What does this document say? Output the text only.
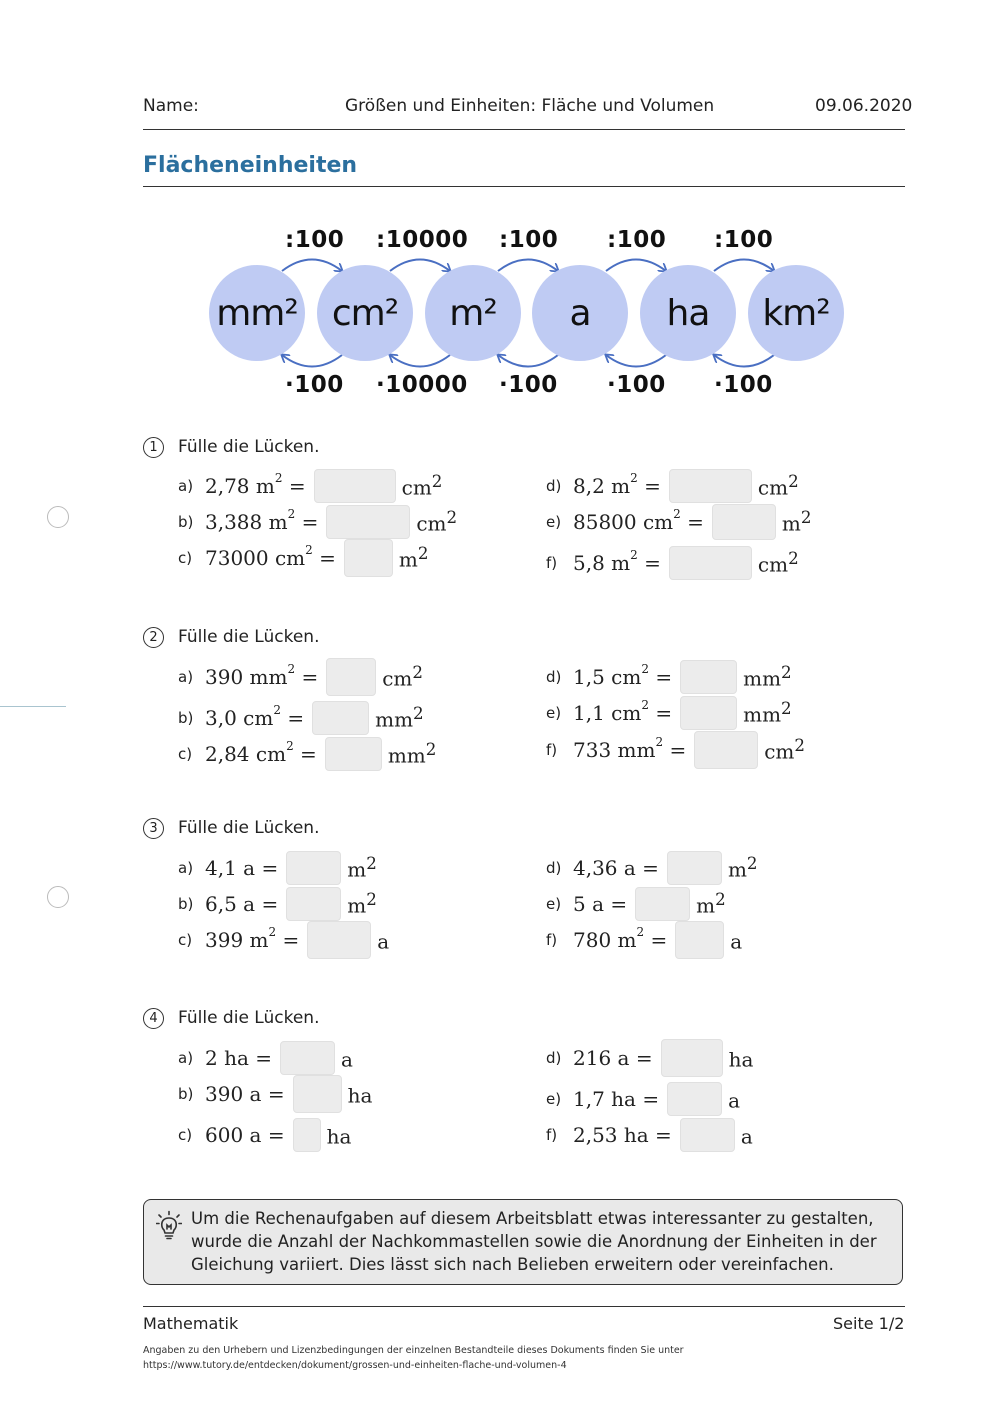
Name:	Größen und Einheiten: Fläche und Volumen	09.06.2020
Flächeneinheiten
mm² cm²	m²	a	ha	km²
:100 :10000 :100 :100 :100
·100 ·10000 ·100 ·100 ·100
1	Fülle die Lücken.
a) 2,78 $m^2$ =	$cm^2$
b) 3,388 $m^2$ =	$cm^2$
c) 73000 $cm^2$ =	$m^2$
d) 8,2 $m^2$ =	$cm^2$
e) 85800 $cm^2$ =	$m^2$
f) 5,8 $m^2$ =	$cm^2$
2	Fülle die Lücken.
a) 390 $mm^2$ =	$cm^2$
b) 3,0 $cm^2$ =	$mm^2$
c) 2,84 $cm^2$ =	$mm^2$
d) 1,5 $cm^2$ =	$mm^2$
e) 1,1 $cm^2$ =	$mm^2$
f) 733 $mm^2$ =	$cm^2$
3	Fülle die Lücken.
a) 4,1 a =	$m^2$
b) 6,5 a =	$m^2$
c) 399 $m^2$ =	a
d) 4,36 a =	$m^2$
e) 5 a =	$m^2$
f) 780 $m^2$ =	a
4	Fülle die Lücken.
a) 2 ha =	a
b) 390 a =	ha
c) 600 a = ha
d) 216 a =	ha
e) 1,7 ha =	a
f) 2,53 ha =	a
Um die Rechenaufgaben auf diesem Arbeitsblatt etwas interessanter zu gestalten, wurde die Anzahl der Nachkommastellen sowie die Anordnung der Einheiten in der Gleichung variiert. Dies lässt sich nach Belieben erweitern oder vereinfachen.
Mathematik	Seite 1/2
Angaben zu den Urhebern und Lizenzbedingungen der einzelnen Bestandteile dieses Dokuments finden Sie unter
https://www.tutory.de/entdecken/dokument/grossen-und-einheiten-flache-und-volumen-4
